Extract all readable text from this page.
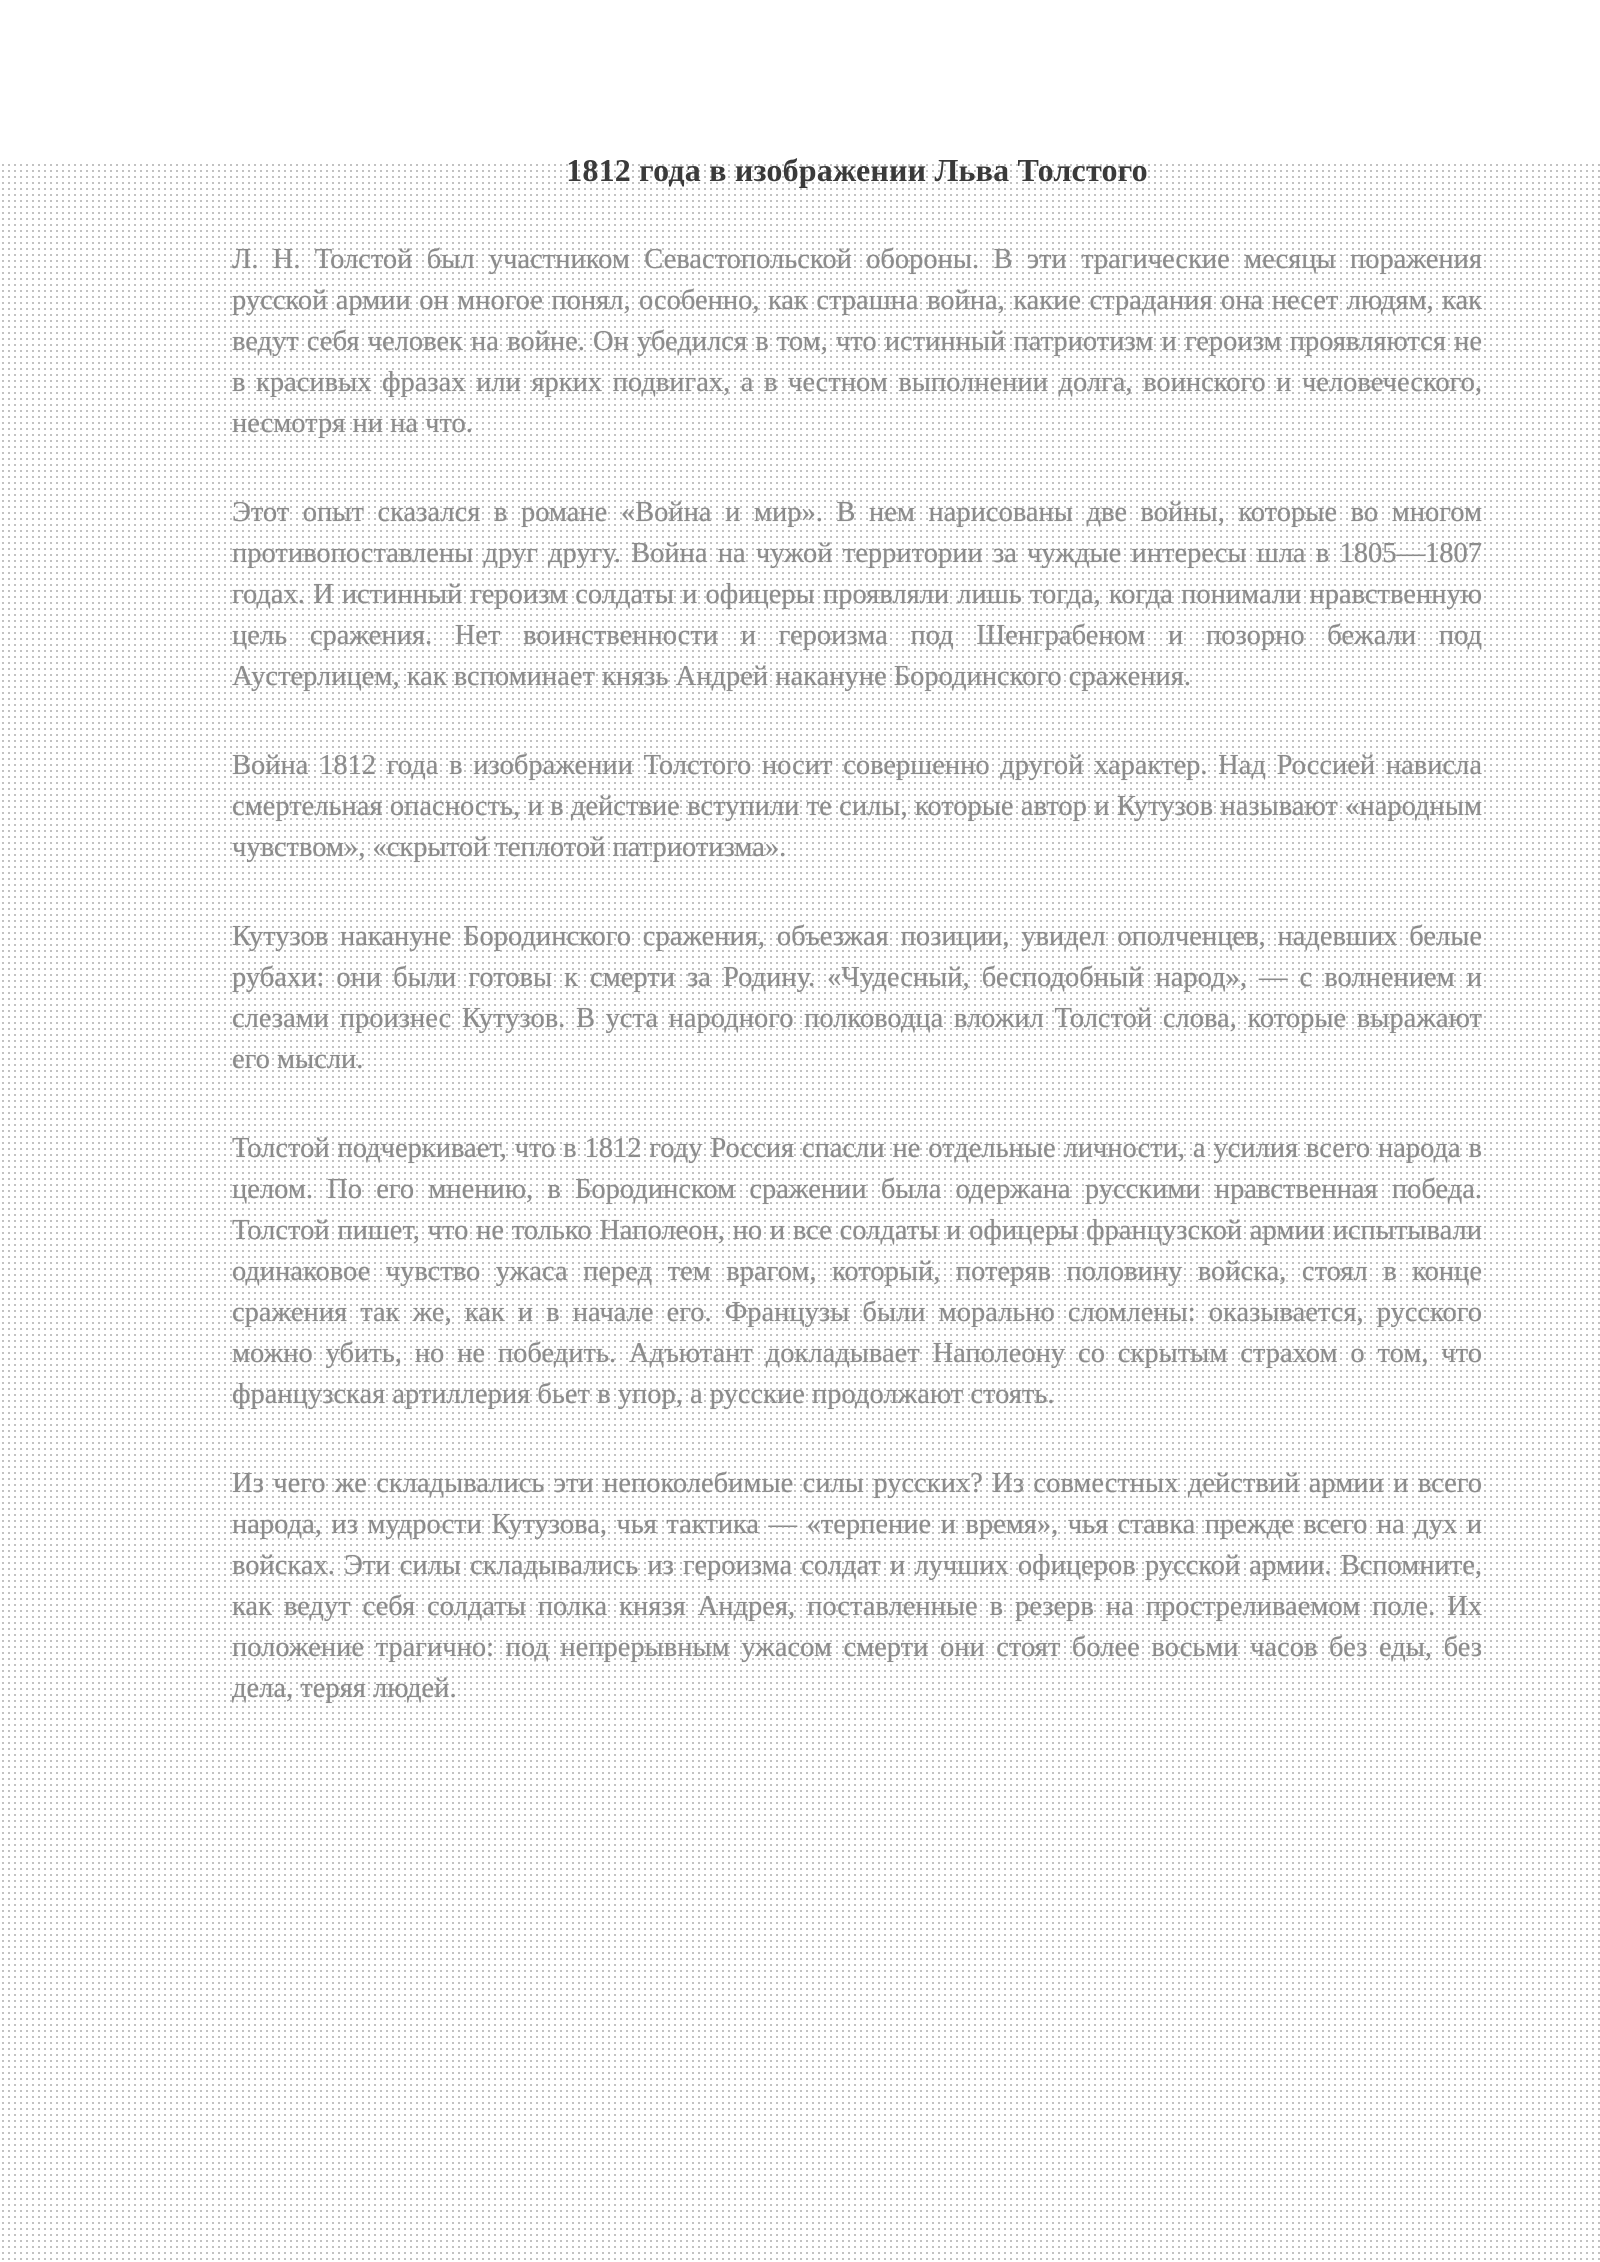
1812 года в изображении Льва Толстого

Л. Н. Толстой был участником Севастопольской обороны. В эти трагические месяцы поражения русской армии он многое понял, особенно, как страшна война, какие страдания она несет людям, как ведут себя человек на войне. Он убедился в том, что истинный патриотизм и героизм проявляются не в красивых фразах или ярких подвигах, а в честном выполнении долга, воинского и человеческого, несмотря ни на что.

Этот опыт сказался в романе «Война и мир». В нем нарисованы две войны, которые во многом противопоставлены друг другу. Война на чужой территории за чуждые интересы шла в 1805—1807 годах. И истинный героизм солдаты и офицеры проявляли лишь тогда, когда понимали нравственную цель сражения. Нет воинственности и героизма под Шенграбеном и позорно бежали под Аустерлицем, как вспоминает князь Андрей накануне Бородинского сражения.

Война 1812 года в изображении Толстого носит совершенно другой характер. Над Россией нависла смертельная опасность, и в действие вступили те силы, которые автор и Кутузов называют «народным чувством», «скрытой теплотой патриотизма».

Кутузов накануне Бородинского сражения, объезжая позиции, увидел ополченцев, надевших белые рубахи: они были готовы к смерти за Родину. «Чудесный, бесподобный народ», — с волнением и слезами произнес Кутузов. В уста народного полководца вложил Толстой слова, которые выражают его мысли.

Толстой подчеркивает, что в 1812 году Россия спасли не отдельные личности, а усилия всего народа в целом. По его мнению, в Бородинском сражении была одержана русскими нравственная победа. Толстой пишет, что не только Наполеон, но и все солдаты и офицеры французской армии испытывали одинаковое чувство ужаса перед тем врагом, который, потеряв половину войска, стоял в конце сражения так же, как и в начале его. Французы были морально сломлены: оказывается, русского можно убить, но не победить. Адъютант докладывает Наполеону со скрытым страхом о том, что французская артиллерия бьет в упор, а русские продолжают стоять.

Из чего же складывались эти непоколебимые силы русских? Из совместных действий армии и всего народа, из мудрости Кутузова, чья тактика — «терпение и время», чья ставка прежде всего на дух и войсках. Эти силы складывались из героизма солдат и лучших офицеров русской армии. Вспомните, как ведут себя солдаты полка князя Андрея, поставленные в резерв на простреливаемом поле. Их положение трагично: под непрерывным ужасом смерти они стоят более восьми часов без еды, без дела, теряя людей.
